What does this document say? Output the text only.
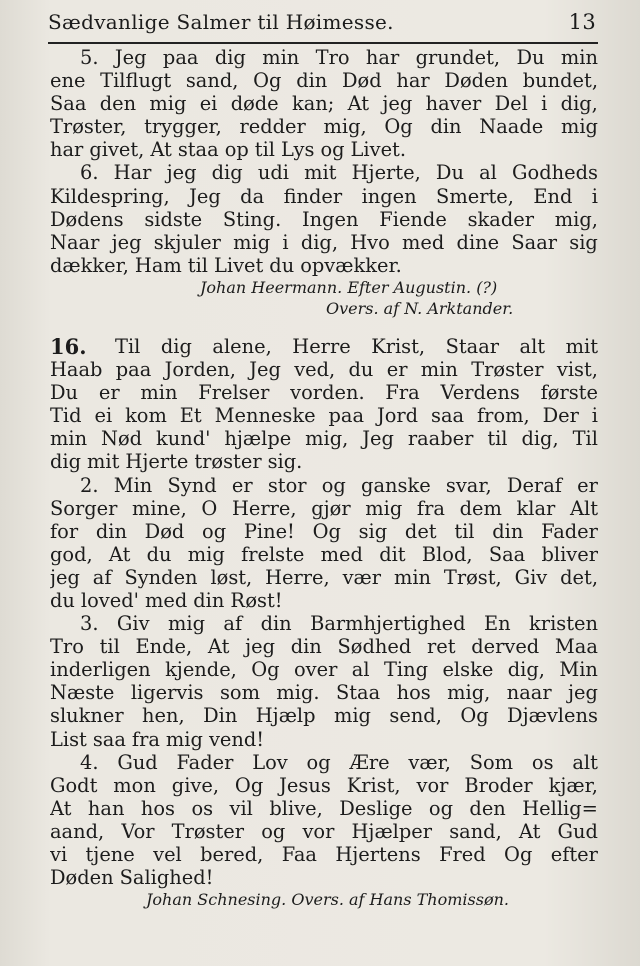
Sædvanlige Salmer til Høimesse.	13
5. Jeg paa dig min Tro har grundet, Du min
ene Tilflugt sand, Og din Død har Døden bundet,
Saa den mig ei døde kan; At jeg haver Del i dig,
Trøster, trygger, redder mig, Og din Naade mig
har givet, At staa op til Lys og Livet.
6. Har jeg dig udi mit Hjerte, Du al Godheds
Kildespring, Jeg da finder ingen Smerte, End i
Dødens sidste Sting. Ingen Fiende skader mig,
Naar jeg skjuler mig i dig, Hvo med dine Saar sig
dækker, Ham til Livet du opvækker.
Johan Heermann. Efter Augustin. (?)
Overs. af N. Arktander.
16. Til dig alene, Herre Krist, Staar alt mit
Haab paa Jorden, Jeg ved, du er min Trøster vist,
Du er min Frelser vorden. Fra Verdens første
Tid ei kom Et Menneske paa Jord saa from, Der i
min Nød kund' hjælpe mig, Jeg raaber til dig, Til
dig mit Hjerte trøster sig.
2. Min Synd er stor og ganske svar, Deraf er
Sorger mine, O Herre, gjør mig fra dem klar Alt
for din Død og Pine! Og sig det til din Fader
god, At du mig frelste med dit Blod, Saa bliver
jeg af Synden løst, Herre, vær min Trøst, Giv det,
du loved' med din Røst!
3. Giv mig af din Barmhjertighed En kristen
Tro til Ende, At jeg din Sødhed ret derved Maa
inderligen kjende, Og over al Ting elske dig, Min
Næste ligervis som mig. Staa hos mig, naar jeg
slukner hen, Din Hjælp mig send, Og Djævlens
List saa fra mig vend!
4. Gud Fader Lov og Ære vær, Som os alt
Godt mon give, Og Jesus Krist, vor Broder kjær,
At han hos os vil blive, Deslige og den Hellig=
aand, Vor Trøster og vor Hjælper sand, At Gud
vi tjene vel bered, Faa Hjertens Fred Og efter
Døden Salighed!
Johan Schnesing. Overs. af Hans Thomissøn.
